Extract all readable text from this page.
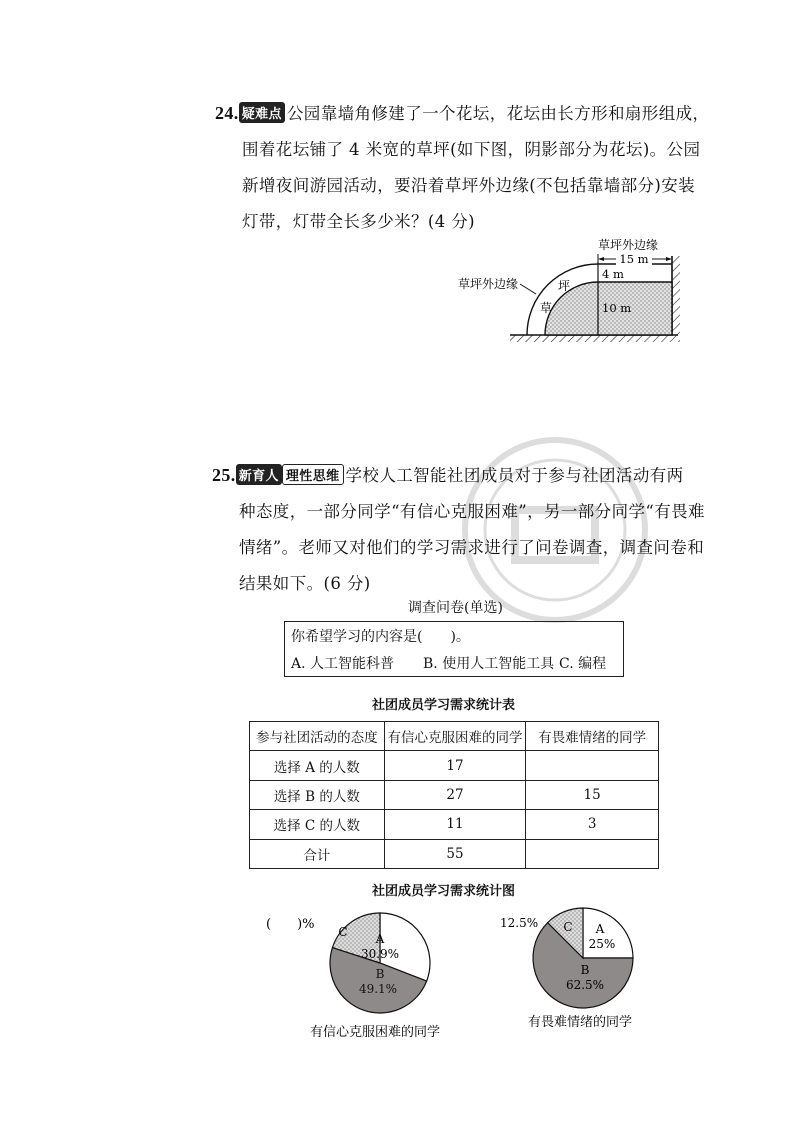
24. 疑难点 公园靠墙角修建了一个花坛，花坛由长方形和扇形组成，
围着花坛铺了 4 米宽的草坪(如下图，阴影部分为花坛)。公园
新增夜间游园活动，要沿着草坪外边缘(不包括靠墙部分)安装
灯带，灯带全长多少米？(4 分)
15 m
草坪外边缘
4 m
10 m
坪
草
草坪外边缘
25. 新育人 理性思维 学校人工智能社团成员对于参与社团活动有两
种态度，一部分同学“有信心克服困难”，另一部分同学“有畏难
情绪”。老师又对他们的学习需求进行了问卷调查，调查问卷和
结果如下。(6 分)
调查问卷(单选)
你希望学习的内容是(　　)。
A. 人工智能科普 B. 使用人工智能工具 C. 编程
社团成员学习需求统计表
参与社团活动的态度	有信心克服困难的同学	有畏难情绪的同学
选择 A 的人数	17	
选择 B 的人数	27	15
选择 C 的人数	11	3
合计	55	
社团成员学习需求统计图
(　　)%
A
30.9%
B
49.1%
C
有信心克服困难的同学
12.5%	A
25%
B
62.5%
C
有畏难情绪的同学
